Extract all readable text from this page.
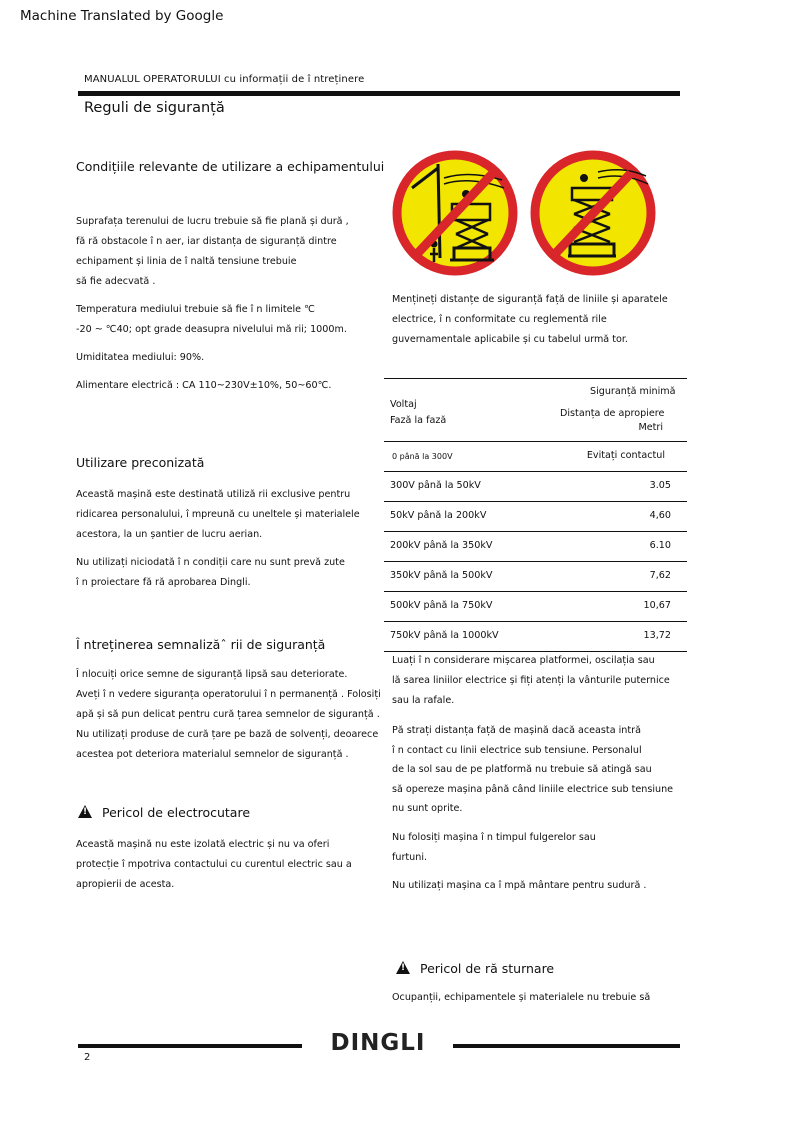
Machine Translated by Google
MANUALUL OPERATORULUI cu informații de î ntreținere
Reguli de siguranță
Condițiile relevante de utilizare a echipamentului
Suprafața terenului de lucru trebuie să fie plană și dură ,
fă ră obstacole î n aer, iar distanța de siguranță dintre
echipament și linia de î naltă tensiune trebuie
să fie adecvată .
Temperatura mediului trebuie să fie î n limitele ℃
-20 ~ ℃40; opt grade deasupra nivelului mă rii; 1000m.
Umiditatea mediului: 90%.
Alimentare electrică : CA 110~230V±10%, 50~60℃.
Utilizare preconizată
Această mașină este destinată utiliză rii exclusive pentru
ridicarea personalului, î mpreună cu uneltele și materialele
acestora, la un șantier de lucru aerian.
Nu utilizați niciodată î n condiții care nu sunt prevă zute
î n proiectare fă ră aprobarea Dingli.
Î ntreținerea semnalizăˆ rii de siguranță
Î nlocuiți orice semne de siguranță lipsă sau deteriorate.
Aveți î n vedere siguranța operatorului î n permanență . Folosiți
apă și să pun delicat pentru cură țarea semnelor de siguranță .
Nu utilizați produse de cură țare pe bază de solvenți, deoarece
acestea pot deteriora materialul semnelor de siguranță .
!Pericol de electrocutare
Această mașină nu este izolată electric și nu va oferi
protecție î mpotriva contactului cu curentul electric sau a
apropierii de acesta.
Mențineți distanțe de siguranță față de liniile și aparatele
electrice, î n conformitate cu reglementă rile
guvernamentale aplicabile și cu tabelul urmă tor.
Voltaj
Fază la fază
Siguranță minimă
Distanța de apropiere
Metri
0 până la 300V	Evitați contactul
300V până la 50kV	3.05
50kV până la 200kV	4,60
200kV până la 350kV	6.10
350kV până la 500kV	7,62
500kV până la 750kV	10,67
750kV până la 1000kV	13,72
Luați î n considerare mișcarea platformei, oscilația sau
lă sarea liniilor electrice și fiți atenți la vânturile puternice
sau la rafale.
Pă strați distanța față de mașină dacă aceasta intră
î n contact cu linii electrice sub tensiune. Personalul
de la sol sau de pe platformă nu trebuie să atingă sau
să opereze mașina până când liniile electrice sub tensiune
nu sunt oprite.
Nu folosiți mașina î n timpul fulgerelor sau
furtuni.
Nu utilizați mașina ca î mpă mântare pentru sudură .
!Pericol de ră sturnare
Ocupanții, echipamentele și materialele nu trebuie să
DINGLI
2
